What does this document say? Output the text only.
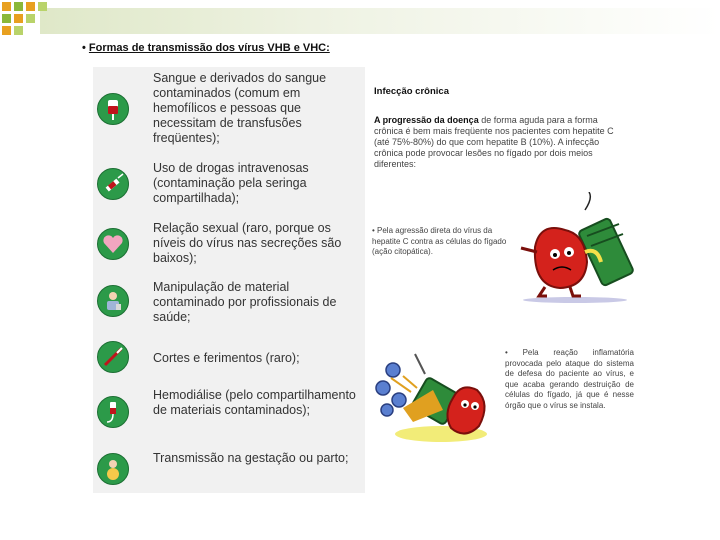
• Formas de transmissão dos vírus VHB e VHC:
Sangue e derivados do sangue contaminados (comum em hemofílicos e pessoas que necessitam de transfusões freqüentes);
Uso de drogas intravenosas (contaminação pela seringa compartilhada);
Relação sexual (raro, porque os níveis do vírus nas secreções são baixos);
Manipulação de material contaminado por profissionais de saúde;
Cortes e ferimentos (raro);
Hemodiálise (pelo compartilhamento de materiais contaminados);
Transmissão na gestação ou parto;
Infecção crônica
A progressão da doença de forma aguda para a forma crônica é bem mais freqüente nos pacientes com hepatite C (até 75%-80%) do que com hepatite B (10%). A infecção crônica pode provocar lesões no fígado por dois meios diferentes:
• Pela agressão direta do vírus da hepatite C contra as células do fígado (ação citopática).
• Pela reação inflamatória provocada pelo ataque do sistema de defesa do paciente ao vírus, e que acaba gerando destruição de células do fígado, já que é nesse órgão que o vírus se instala.
